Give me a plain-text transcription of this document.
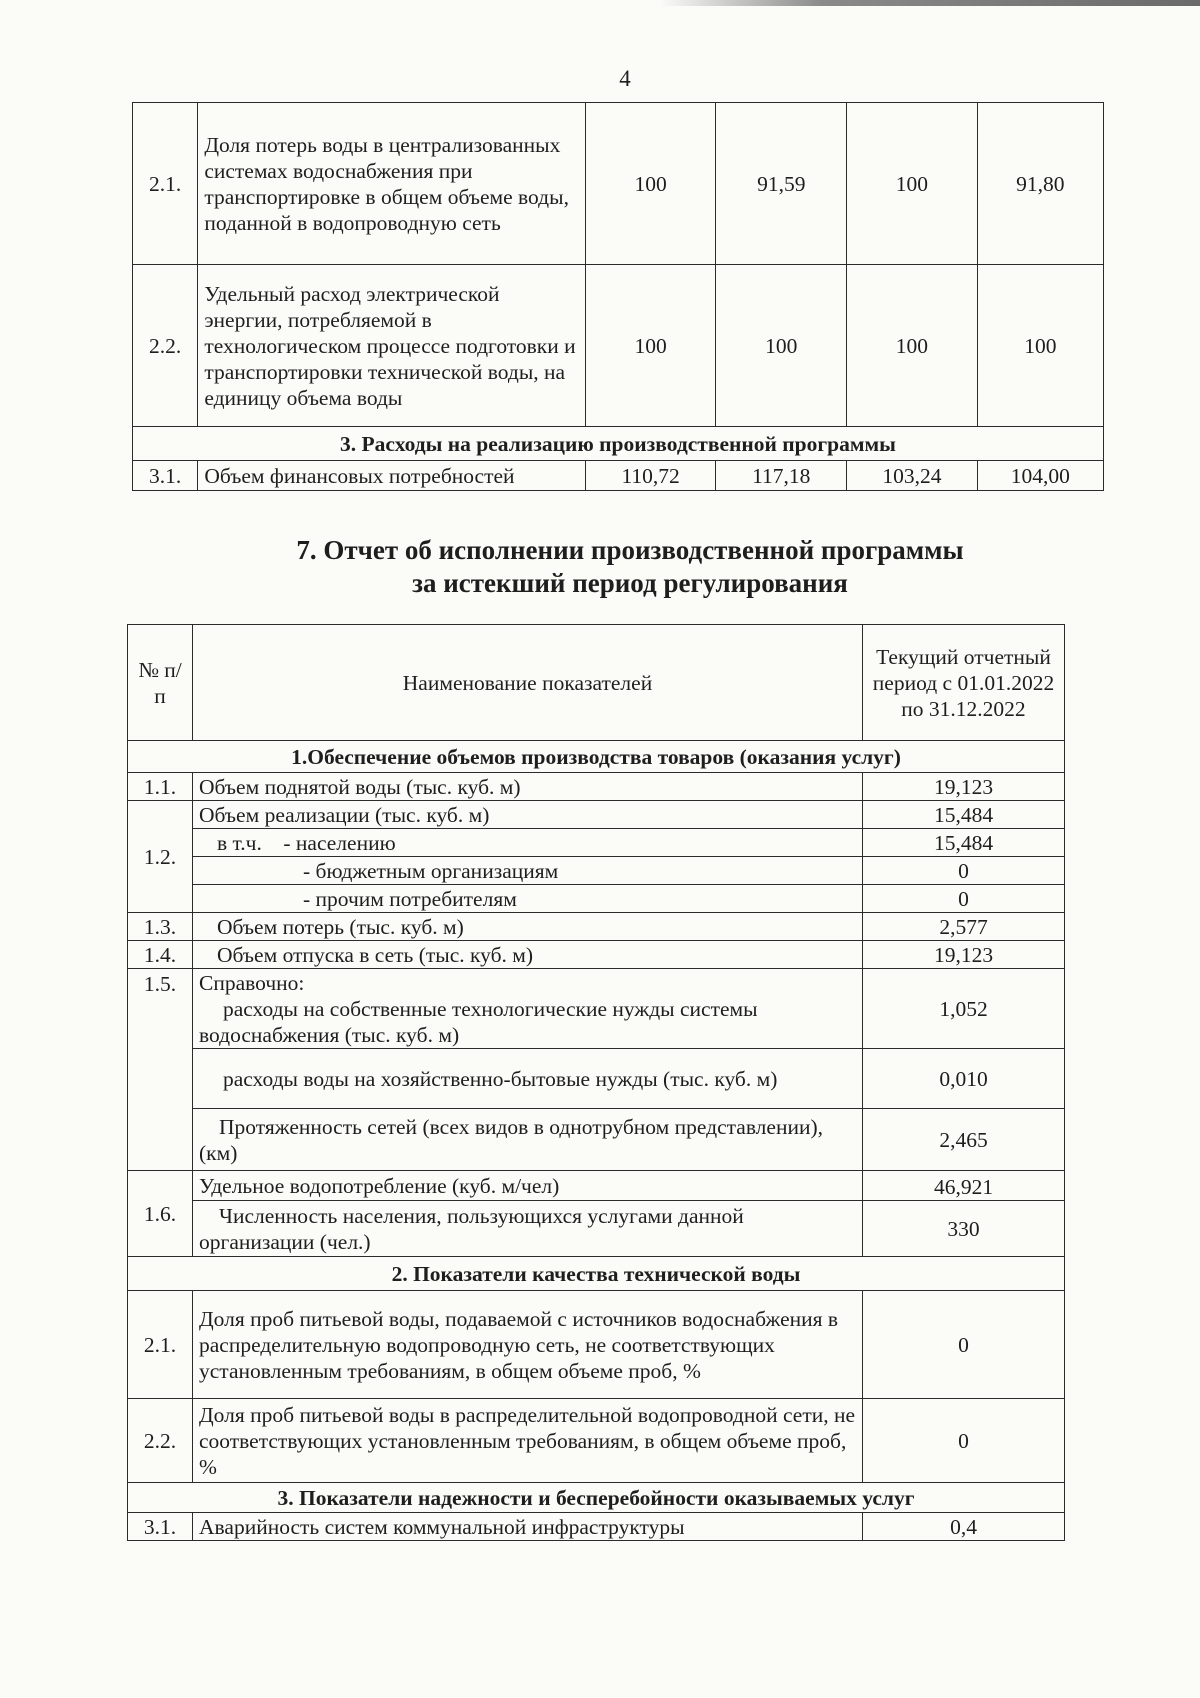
4
2.1.	Доля потерь воды в централизованных системах водоснабжения при транспортировке в общем объеме воды, поданной в водопроводную сеть	100	91,59	100	91,80
2.2.	Удельный расход электрической энергии, потребляемой в технологическом процессе подготовки и транспортировки технической воды, на единицу объема воды	100	100	100	100
3. Расходы на реализацию производственной программы					
3.1.	Объем финансовых потребностей	110,72	117,18	103,24	104,00
7. Отчет об исполнении производственной программы
за истекший период регулирования
№ п/п	Наименование показателей	Текущий отчетный период с 01.01.2022 по 31.12.2022
1.Обеспечение объемов производства товаров (оказания услуг)		
1.1.	Объем поднятой воды (тыс. куб. м)	19,123
1.2.	Объем реализации (тыс. куб. м)	15,484
	в т.ч. - населению	15,484
	- бюджетным организациям	0
	- прочим потребителям	0
1.3.	Объем потерь (тыс. куб. м)	2,577
1.4.	Объем отпуска в сеть (тыс. куб. м)	19,123
1.5.	Справочно:
расходы на собственные технологические нужды системы водоснабжения (тыс. куб. м)	1,052
	расходы воды на хозяйственно-бытовые нужды (тыс. куб. м)	0,010
	Протяженность сетей (всех видов в однотрубном представлении), (км)	2,465
1.6.	Удельное водопотребление (куб. м/чел)	46,921
	Численность населения, пользующихся услугами данной организации (чел.)	330
2. Показатели качества технической воды		
2.1.	Доля проб питьевой воды, подаваемой с источников водоснабжения в распределительную водопроводную сеть, не соответствующих установленным требованиям, в общем объеме проб, %	0
2.2.	Доля проб питьевой воды в распределительной водопроводной сети, не соответствующих установленным требованиям, в общем объеме проб, %	0
3. Показатели надежности и бесперебойности оказываемых услуг		
3.1.	Аварийность систем коммунальной инфраструктуры	0,4
